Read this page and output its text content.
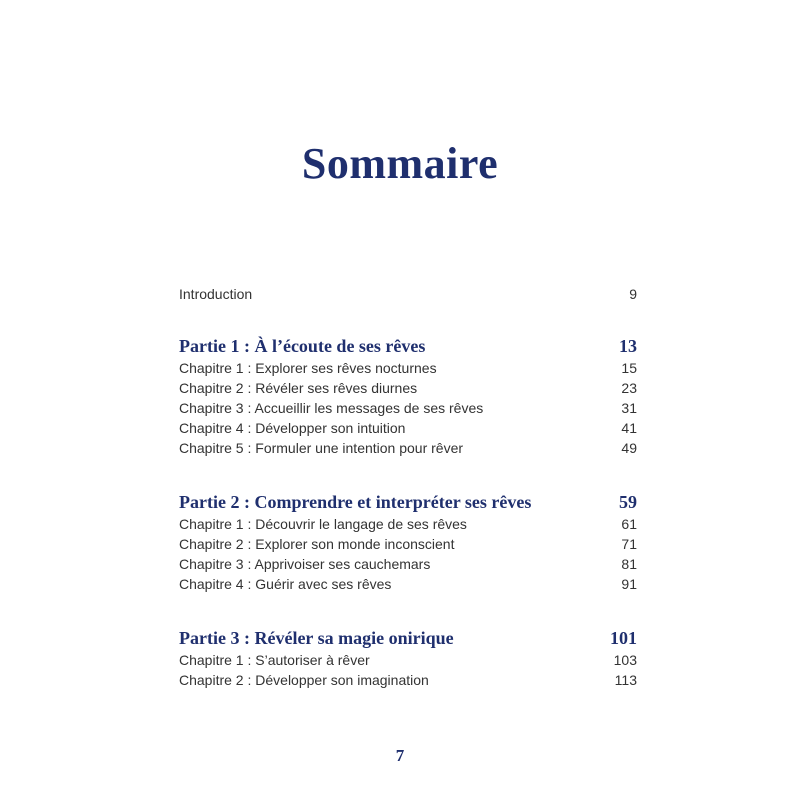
Sommaire
Introduction .....	9
Partie 1 : À l’écoute de ses rêves .....	13
Chapitre 1 : Explorer ses rêves nocturnes .....	15
Chapitre 2 : Révéler ses rêves diurnes .....	23
Chapitre 3 : Accueillir les messages de ses rêves .....	31
Chapitre 4 : Développer son intuition .....	41
Chapitre 5 : Formuler une intention pour rêver .....	49
Partie 2 : Comprendre et interpréter ses rêves .....	59
Chapitre 1 : Découvrir le langage de ses rêves .....	61
Chapitre 2 : Explorer son monde inconscient .....	71
Chapitre 3 : Apprivoiser ses cauchemars .....	81
Chapitre 4 : Guérir avec ses rêves .....	91
Partie 3 : Révéler sa magie onirique .....	101
Chapitre 1 : S’autoriser à rêver .....	103
Chapitre 2 : Développer son imagination .....	113
7
